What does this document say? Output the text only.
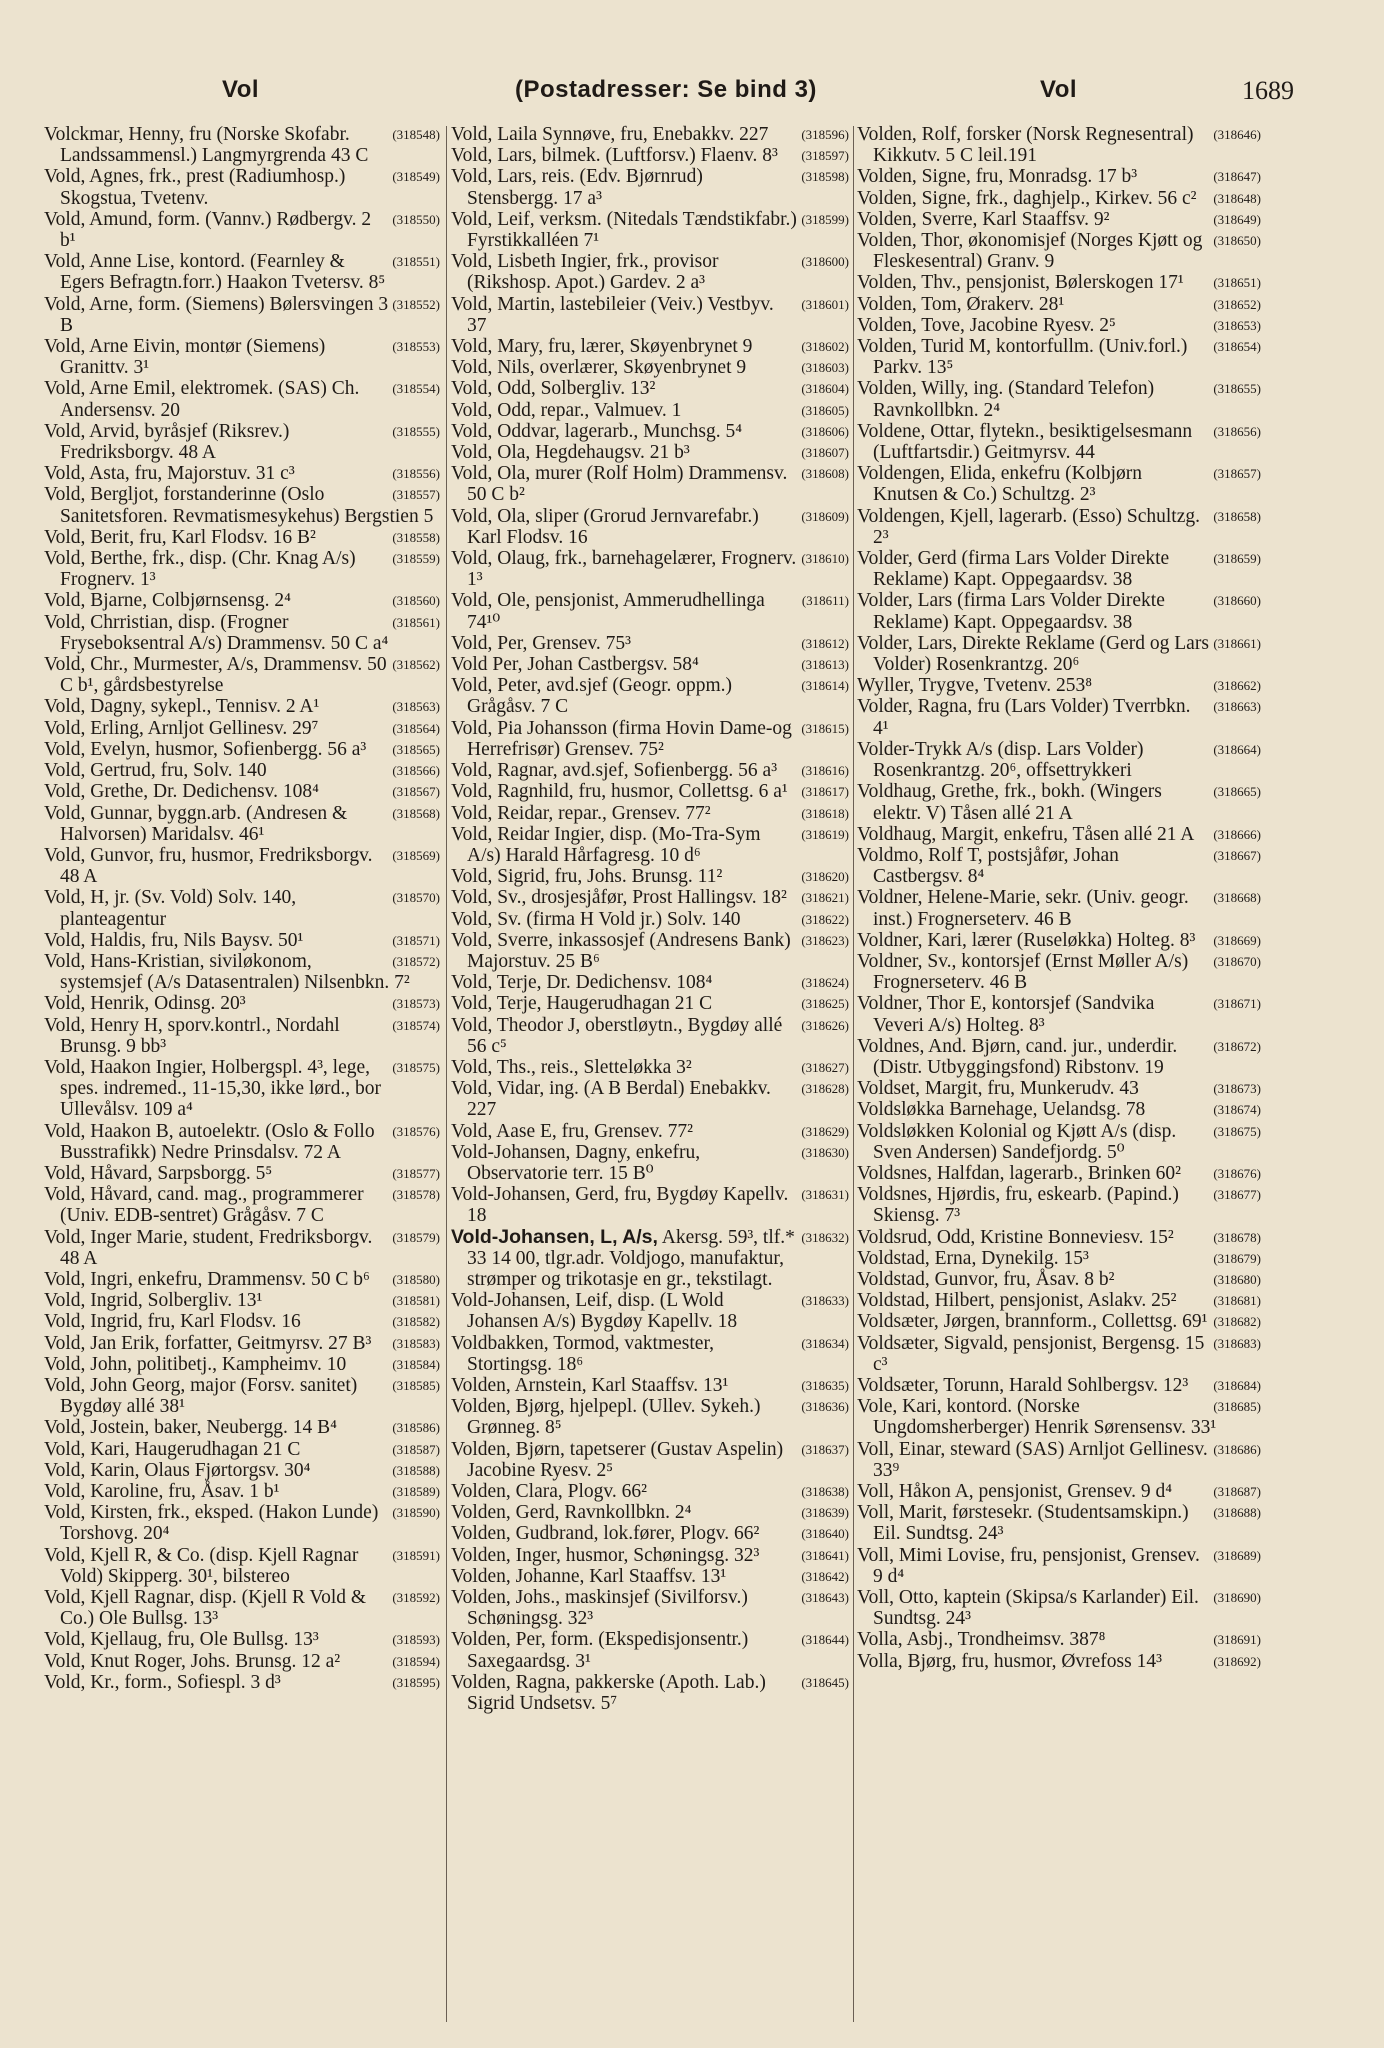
Vol	(Postadresser: Se bind 3)	Vol	1689
(318548)
Volckmar, Henny, fru (Norske Skofabr. Landssammensl.) Langmyrgrenda 43 C
(318549)
Vold, Agnes, frk., prest (Radiumhosp.) Skogstua, Tvetenv.
(318550)
Vold, Amund, form. (Vannv.) Rødbergv. 2 b¹
(318551)
Vold, Anne Lise, kontord. (Fearnley & Egers Befragtn.forr.) Haakon Tvetersv. 8⁵
(318552)
Vold, Arne, form. (Siemens) Bølersvingen 3 B
(318553)
Vold, Arne Eivin, montør (Siemens) Granittv. 3¹
(318554)
Vold, Arne Emil, elektromek. (SAS) Ch. Andersensv. 20
(318555)
Vold, Arvid, byråsjef (Riksrev.) Fredriksborgv. 48 A
(318556)
Vold, Asta, fru, Majorstuv. 31 c³
(318557)
Vold, Bergljot, forstanderinne (Oslo Sanitetsforen. Revmatismesykehus) Bergstien 5
(318558)
Vold, Berit, fru, Karl Flodsv. 16 B²
(318559)
Vold, Berthe, frk., disp. (Chr. Knag A/s) Frognerv. 1³
(318560)
Vold, Bjarne, Colbjørnsensg. 2⁴
(318561)
Vold, Chrristian, disp. (Frogner Fryseboksentral A/s) Drammensv. 50 C a⁴
(318562)
Vold, Chr., Murmester, A/s, Drammensv. 50 C b¹, gårdsbestyrelse
(318563)
Vold, Dagny, sykepl., Tennisv. 2 A¹
(318564)
Vold, Erling, Arnljot Gellinesv. 29⁷
(318565)
Vold, Evelyn, husmor, Sofienbergg. 56 a³
(318566)
Vold, Gertrud, fru, Solv. 140
(318567)
Vold, Grethe, Dr. Dedichensv. 108⁴
(318568)
Vold, Gunnar, byggn.arb. (Andresen & Halvorsen) Maridalsv. 46¹
(318569)
Vold, Gunvor, fru, husmor, Fredriksborgv. 48 A
(318570)
Vold, H, jr. (Sv. Vold) Solv. 140, planteagentur
(318571)
Vold, Haldis, fru, Nils Baysv. 50¹
(318572)
Vold, Hans-Kristian, siviløkonom, systemsjef (A/s Datasentralen) Nilsenbkn. 7²
(318573)
Vold, Henrik, Odinsg. 20³
(318574)
Vold, Henry H, sporv.kontrl., Nordahl Brunsg. 9 bb³
(318575)
Vold, Haakon Ingier, Holbergspl. 4³, lege, spes. indremed., 11-15,30, ikke lørd., bor Ullevålsv. 109 a⁴
(318576)
Vold, Haakon B, autoelektr. (Oslo & Follo Busstrafikk) Nedre Prinsdalsv. 72 A
(318577)
Vold, Håvard, Sarpsborgg. 5⁵
(318578)
Vold, Håvard, cand. mag., programmerer (Univ. EDB-sentret) Grågåsv. 7 C
(318579)
Vold, Inger Marie, student, Fredriksborgv. 48 A
(318580)
Vold, Ingri, enkefru, Drammensv. 50 C b⁶
(318581)
Vold, Ingrid, Solbergliv. 13¹
(318582)
Vold, Ingrid, fru, Karl Flodsv. 16
(318583)
Vold, Jan Erik, forfatter, Geitmyrsv. 27 B³
(318584)
Vold, John, politibetj., Kampheimv. 10
(318585)
Vold, John Georg, major (Forsv. sanitet) Bygdøy allé 38¹
(318586)
Vold, Jostein, baker, Neubergg. 14 B⁴
(318587)
Vold, Kari, Haugerudhagan 21 C
(318588)
Vold, Karin, Olaus Fjørtorgsv. 30⁴
(318589)
Vold, Karoline, fru, Åsav. 1 b¹
(318590)
Vold, Kirsten, frk., eksped. (Hakon Lunde) Torshovg. 20⁴
(318591)
Vold, Kjell R, & Co. (disp. Kjell Ragnar Vold) Skipperg. 30¹, bilstereo
(318592)
Vold, Kjell Ragnar, disp. (Kjell R Vold & Co.) Ole Bullsg. 13³
(318593)
Vold, Kjellaug, fru, Ole Bullsg. 13³
(318594)
Vold, Knut Roger, Johs. Brunsg. 12 a²
(318595)
Vold, Kr., form., Sofiespl. 3 d³
(318596)
Vold, Laila Synnøve, fru, Enebakkv. 227
(318597)
Vold, Lars, bilmek. (Luftforsv.) Flaenv. 8³
(318598)
Vold, Lars, reis. (Edv. Bjørnrud) Stensbergg. 17 a³
(318599)
Vold, Leif, verksm. (Nitedals Tændstikfabr.) Fyrstikkalléen 7¹
(318600)
Vold, Lisbeth Ingier, frk., provisor (Rikshosp. Apot.) Gardev. 2 a³
(318601)
Vold, Martin, lastebileier (Veiv.) Vestbyv. 37
(318602)
Vold, Mary, fru, lærer, Skøyenbrynet 9
(318603)
Vold, Nils, overlærer, Skøyenbrynet 9
(318604)
Vold, Odd, Solbergliv. 13²
(318605)
Vold, Odd, repar., Valmuev. 1
(318606)
Vold, Oddvar, lagerarb., Munchsg. 5⁴
(318607)
Vold, Ola, Hegdehaugsv. 21 b³
(318608)
Vold, Ola, murer (Rolf Holm) Drammensv. 50 C b²
(318609)
Vold, Ola, sliper (Grorud Jernvarefabr.) Karl Flodsv. 16
(318610)
Vold, Olaug, frk., barnehagelærer, Frognerv. 1³
(318611)
Vold, Ole, pensjonist, Ammerudhellinga 74¹⁰
(318612)
Vold, Per, Grensev. 75³
(318613)
Vold Per, Johan Castbergsv. 58⁴
(318614)
Vold, Peter, avd.sjef (Geogr. oppm.) Grågåsv. 7 C
(318615)
Vold, Pia Johansson (firma Hovin Dame-og Herrefrisør) Grensev. 75²
(318616)
Vold, Ragnar, avd.sjef, Sofienbergg. 56 a³
(318617)
Vold, Ragnhild, fru, husmor, Collettsg. 6 a¹
(318618)
Vold, Reidar, repar., Grensev. 77²
(318619)
Vold, Reidar Ingier, disp. (Mo-Tra-Sym A/s) Harald Hårfagresg. 10 d⁶
(318620)
Vold, Sigrid, fru, Johs. Brunsg. 11²
(318621)
Vold, Sv., drosjesjåfør, Prost Hallingsv. 18²
(318622)
Vold, Sv. (firma H Vold jr.) Solv. 140
(318623)
Vold, Sverre, inkassosjef (Andresens Bank) Majorstuv. 25 B⁶
(318624)
Vold, Terje, Dr. Dedichensv. 108⁴
(318625)
Vold, Terje, Haugerudhagan 21 C
(318626)
Vold, Theodor J, oberstløytn., Bygdøy allé 56 c⁵
(318627)
Vold, Ths., reis., Sletteløkka 3²
(318628)
Vold, Vidar, ing. (A B Berdal) Enebakkv. 227
(318629)
Vold, Aase E, fru, Grensev. 77²
(318630)
Vold-Johansen, Dagny, enkefru, Observatorie terr. 15 B⁰
(318631)
Vold-Johansen, Gerd, fru, Bygdøy Kapellv. 18
(318632)
Vold-Johansen, L, A/s, Akersg. 59³, tlf.* 33 14 00, tlgr.adr. Voldjogo, manufaktur, strømper og trikotasje en gr., tekstilagt.
(318633)
Vold-Johansen, Leif, disp. (L Wold Johansen A/s) Bygdøy Kapellv. 18
(318634)
Voldbakken, Tormod, vaktmester, Stortingsg. 18⁶
(318635)
Volden, Arnstein, Karl Staaffsv. 13¹
(318636)
Volden, Bjørg, hjelpepl. (Ullev. Sykeh.) Grønneg. 8⁵
(318637)
Volden, Bjørn, tapetserer (Gustav Aspelin) Jacobine Ryesv. 2⁵
(318638)
Volden, Clara, Plogv. 66²
(318639)
Volden, Gerd, Ravnkollbkn. 2⁴
(318640)
Volden, Gudbrand, lok.fører, Plogv. 66²
(318641)
Volden, Inger, husmor, Schøningsg. 32³
(318642)
Volden, Johanne, Karl Staaffsv. 13¹
(318643)
Volden, Johs., maskinsjef (Sivilforsv.) Schøningsg. 32³
(318644)
Volden, Per, form. (Ekspedisjonsentr.) Saxegaardsg. 3¹
(318645)
Volden, Ragna, pakkerske (Apoth. Lab.) Sigrid Undsetsv. 5⁷
(318646)
Volden, Rolf, forsker (Norsk Regnesentral) Kikkutv. 5 C leil.191
(318647)
Volden, Signe, fru, Monradsg. 17 b³
(318648)
Volden, Signe, frk., daghjelp., Kirkev. 56 c²
(318649)
Volden, Sverre, Karl Staaffsv. 9²
(318650)
Volden, Thor, økonomisjef (Norges Kjøtt og Fleskesentral) Granv. 9
(318651)
Volden, Thv., pensjonist, Bølerskogen 17¹
(318652)
Volden, Tom, Ørakerv. 28¹
(318653)
Volden, Tove, Jacobine Ryesv. 2⁵
(318654)
Volden, Turid M, kontorfullm. (Univ.forl.) Parkv. 13⁵
(318655)
Volden, Willy, ing. (Standard Telefon) Ravnkollbkn. 2⁴
(318656)
Voldene, Ottar, flytekn., besiktigelsesmann (Luftfartsdir.) Geitmyrsv. 44
(318657)
Voldengen, Elida, enkefru (Kolbjørn Knutsen & Co.) Schultzg. 2³
(318658)
Voldengen, Kjell, lagerarb. (Esso) Schultzg. 2³
(318659)
Volder, Gerd (firma Lars Volder Direkte Reklame) Kapt. Oppegaardsv. 38
(318660)
Volder, Lars (firma Lars Volder Direkte Reklame) Kapt. Oppegaardsv. 38
(318661)
Volder, Lars, Direkte Reklame (Gerd og Lars Volder) Rosenkrantzg. 20⁶
(318662)
Wyller, Trygve, Tvetenv. 253⁸
(318663)
Volder, Ragna, fru (Lars Volder) Tverrbkn. 4¹
(318664)
Volder-Trykk A/s (disp. Lars Volder) Rosenkrantzg. 20⁶, offsettrykkeri
(318665)
Voldhaug, Grethe, frk., bokh. (Wingers elektr. V) Tåsen allé 21 A
(318666)
Voldhaug, Margit, enkefru, Tåsen allé 21 A
(318667)
Voldmo, Rolf T, postsjåfør, Johan Castbergsv. 8⁴
(318668)
Voldner, Helene-Marie, sekr. (Univ. geogr. inst.) Frognerseterv. 46 B
(318669)
Voldner, Kari, lærer (Ruseløkka) Holteg. 8³
(318670)
Voldner, Sv., kontorsjef (Ernst Møller A/s) Frognerseterv. 46 B
(318671)
Voldner, Thor E, kontorsjef (Sandvika Veveri A/s) Holteg. 8³
(318672)
Voldnes, And. Bjørn, cand. jur., underdir. (Distr. Utbyggingsfond) Ribstonv. 19
(318673)
Voldset, Margit, fru, Munkerudv. 43
(318674)
Voldsløkka Barnehage, Uelandsg. 78
(318675)
Voldsløkken Kolonial og Kjøtt A/s (disp. Sven Andersen) Sandefjordg. 5⁰
(318676)
Voldsnes, Halfdan, lagerarb., Brinken 60²
(318677)
Voldsnes, Hjørdis, fru, eskearb. (Papind.) Skiensg. 7³
(318678)
Voldsrud, Odd, Kristine Bonneviesv. 15²
(318679)
Voldstad, Erna, Dynekilg. 15³
(318680)
Voldstad, Gunvor, fru, Åsav. 8 b²
(318681)
Voldstad, Hilbert, pensjonist, Aslakv. 25²
(318682)
Voldsæter, Jørgen, brannform., Collettsg. 69¹
(318683)
Voldsæter, Sigvald, pensjonist, Bergensg. 15 c³
(318684)
Voldsæter, Torunn, Harald Sohlbergsv. 12³
(318685)
Vole, Kari, kontord. (Norske Ungdomsherberger) Henrik Sørensensv. 33¹
(318686)
Voll, Einar, steward (SAS) Arnljot Gellinesv. 33⁹
(318687)
Voll, Håkon A, pensjonist, Grensev. 9 d⁴
(318688)
Voll, Marit, førstesekr. (Studentsamskipn.) Eil. Sundtsg. 24³
(318689)
Voll, Mimi Lovise, fru, pensjonist, Grensev. 9 d⁴
(318690)
Voll, Otto, kaptein (Skipsa/s Karlander) Eil. Sundtsg. 24³
(318691)
Volla, Asbj., Trondheimsv. 387⁸
(318692)
Volla, Bjørg, fru, husmor, Øvrefoss 14³
